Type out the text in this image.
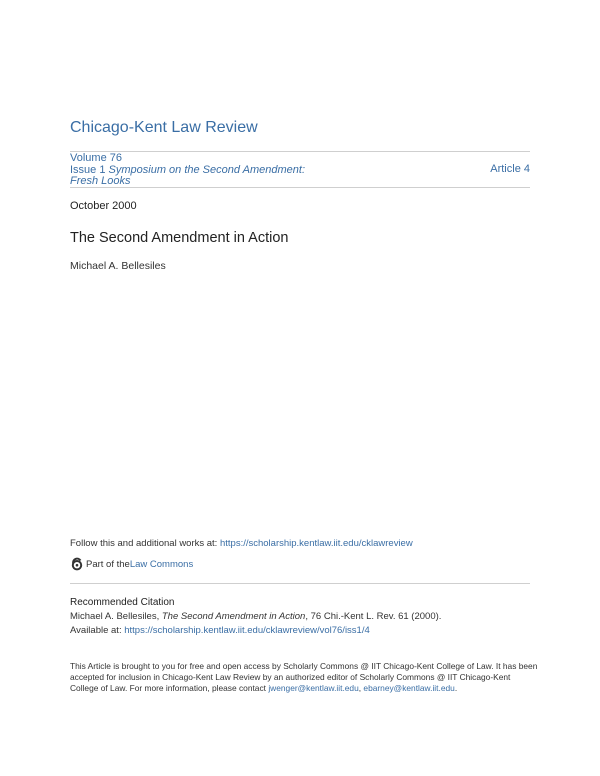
Chicago-Kent Law Review
Volume 76
Issue 1 Symposium on the Second Amendment:
Fresh Looks
Article 4
October 2000
The Second Amendment in Action
Michael A. Bellesiles
Follow this and additional works at: https://scholarship.kentlaw.iit.edu/cklawreview
Part of the Law Commons
Recommended Citation
Michael A. Bellesiles, The Second Amendment in Action, 76 Chi.-Kent L. Rev. 61 (2000).
Available at: https://scholarship.kentlaw.iit.edu/cklawreview/vol76/iss1/4
This Article is brought to you for free and open access by Scholarly Commons @ IIT Chicago-Kent College of Law. It has been accepted for inclusion in Chicago-Kent Law Review by an authorized editor of Scholarly Commons @ IIT Chicago-Kent College of Law. For more information, please contact jwenger@kentlaw.iit.edu, ebarney@kentlaw.iit.edu.
